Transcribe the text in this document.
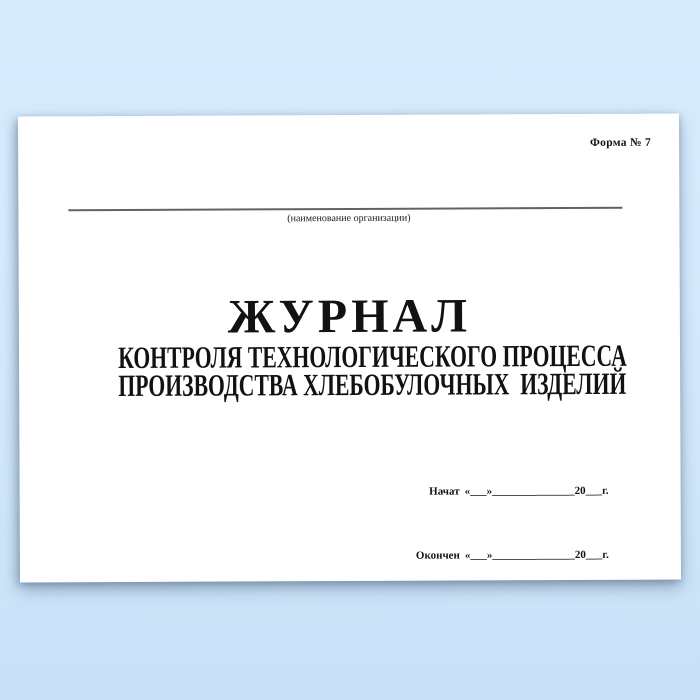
Форма № 7
(наименование организации)
ЖУРНАЛ
КОНТРОЛЯ ТЕХНОЛОГИЧЕСКОГО ПРОЦЕССА
ПРОИЗВОДСТВА ХЛЕБОБУЛОЧНЫХ  ИЗДЕЛИЙ

Начат «___»_______________20___г.

Окончен «___»_______________20___г.
